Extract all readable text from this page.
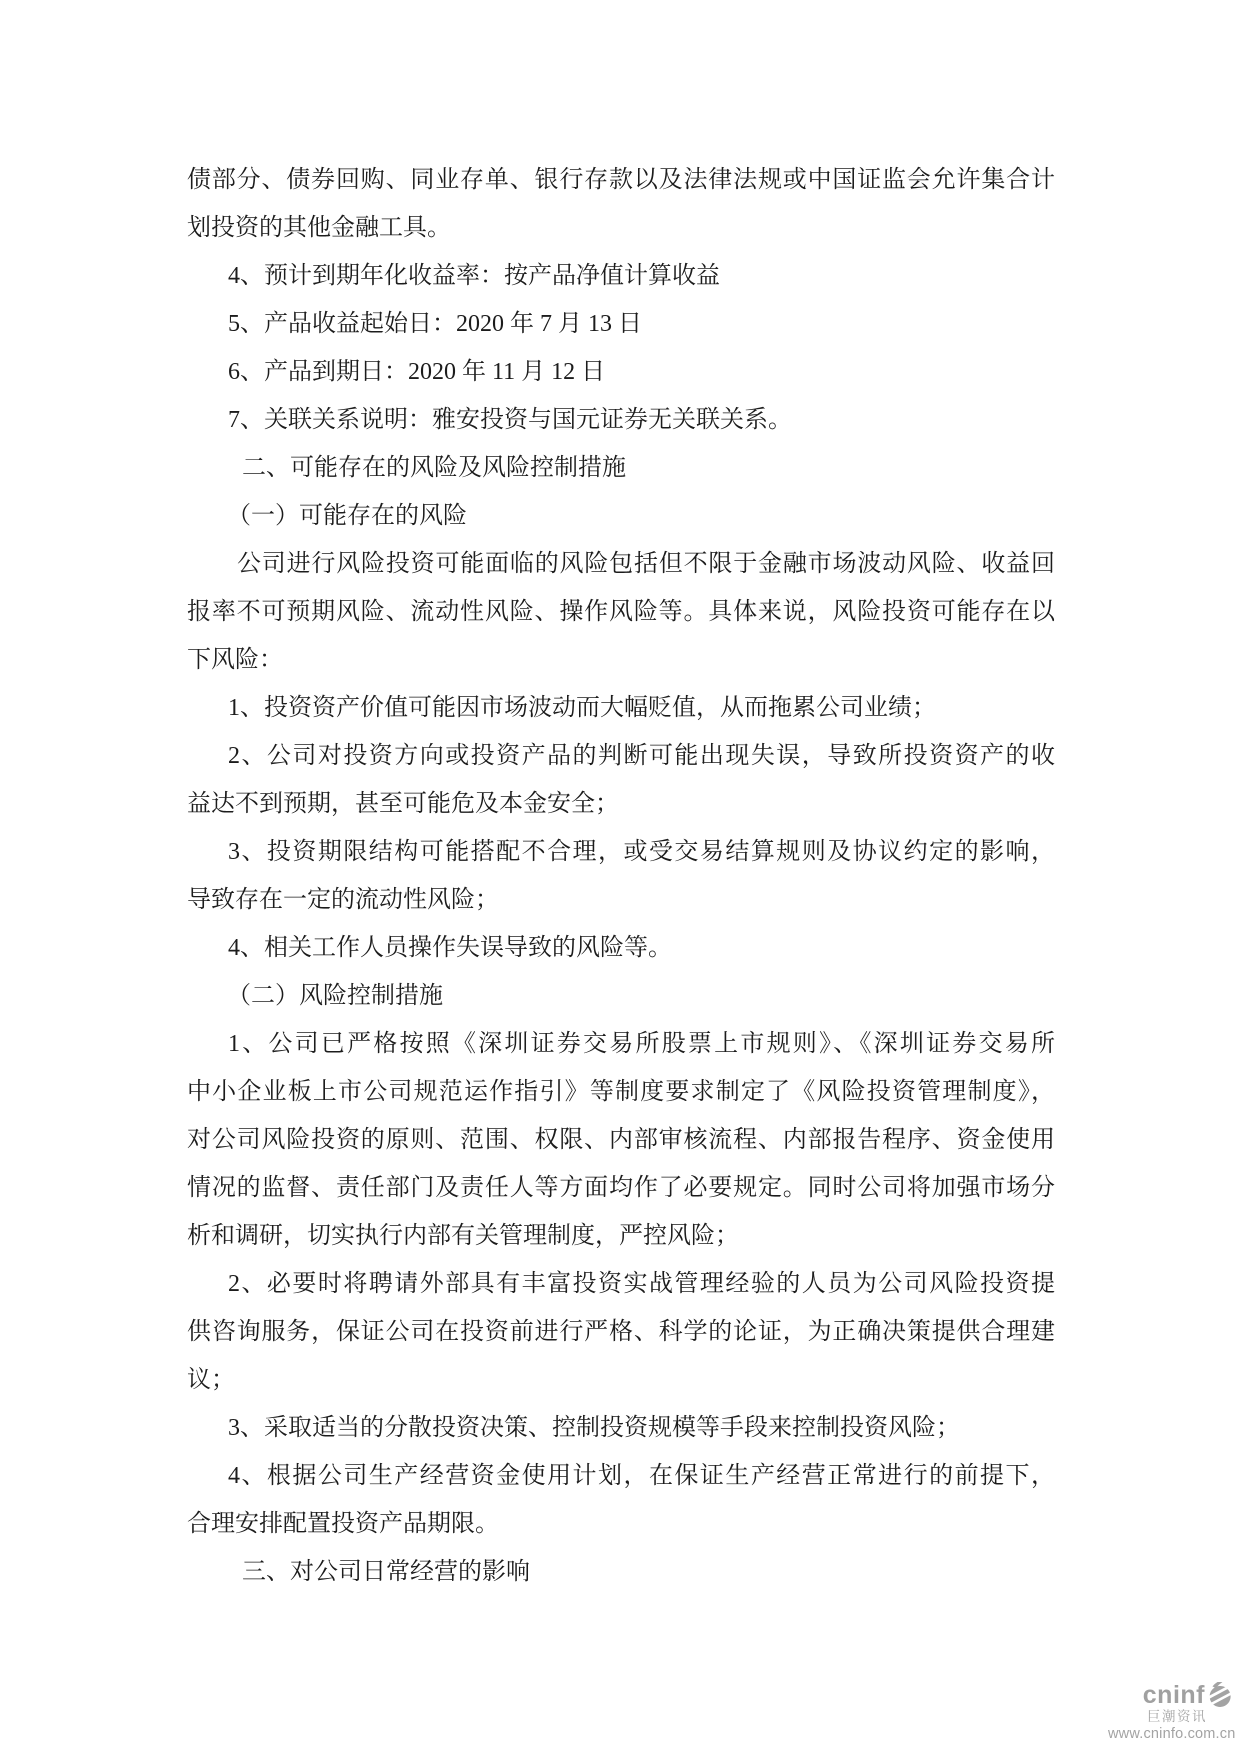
债部分、债券回购、同业存单、银行存款以及法律法规或中国证监会允许集合计
划投资的其他金融工具。
4、预计到期年化收益率：按产品净值计算收益
5、产品收益起始日：2020 年 7 月 13 日
6、产品到期日：2020 年 11 月 12 日
7、关联关系说明：雅安投资与国元证券无关联关系。
二、可能存在的风险及风险控制措施
（一）可能存在的风险
公司进行风险投资可能面临的风险包括但不限于金融市场波动风险、收益回
报率不可预期风险、流动性风险、操作风险等。具体来说，风险投资可能存在以
下风险：
1、投资资产价值可能因市场波动而大幅贬值，从而拖累公司业绩；
2、公司对投资方向或投资产品的判断可能出现失误，导致所投资资产的收
益达不到预期，甚至可能危及本金安全；
3、投资期限结构可能搭配不合理，或受交易结算规则及协议约定的影响，
导致存在一定的流动性风险；
4、相关工作人员操作失误导致的风险等。
（二）风险控制措施
1、公司已严格按照《深圳证券交易所股票上市规则》、《深圳证券交易所
中小企业板上市公司规范运作指引》等制度要求制定了《风险投资管理制度》，
对公司风险投资的原则、范围、权限、内部审核流程、内部报告程序、资金使用
情况的监督、责任部门及责任人等方面均作了必要规定。同时公司将加强市场分
析和调研，切实执行内部有关管理制度，严控风险；
2、必要时将聘请外部具有丰富投资实战管理经验的人员为公司风险投资提
供咨询服务，保证公司在投资前进行严格、科学的论证，为正确决策提供合理建
议；
3、采取适当的分散投资决策、控制投资规模等手段来控制投资风险；
4、根据公司生产经营资金使用计划，在保证生产经营正常进行的前提下，
合理安排配置投资产品期限。
三、对公司日常经营的影响
cninf
巨潮资讯
www.cninfo.com.cn
